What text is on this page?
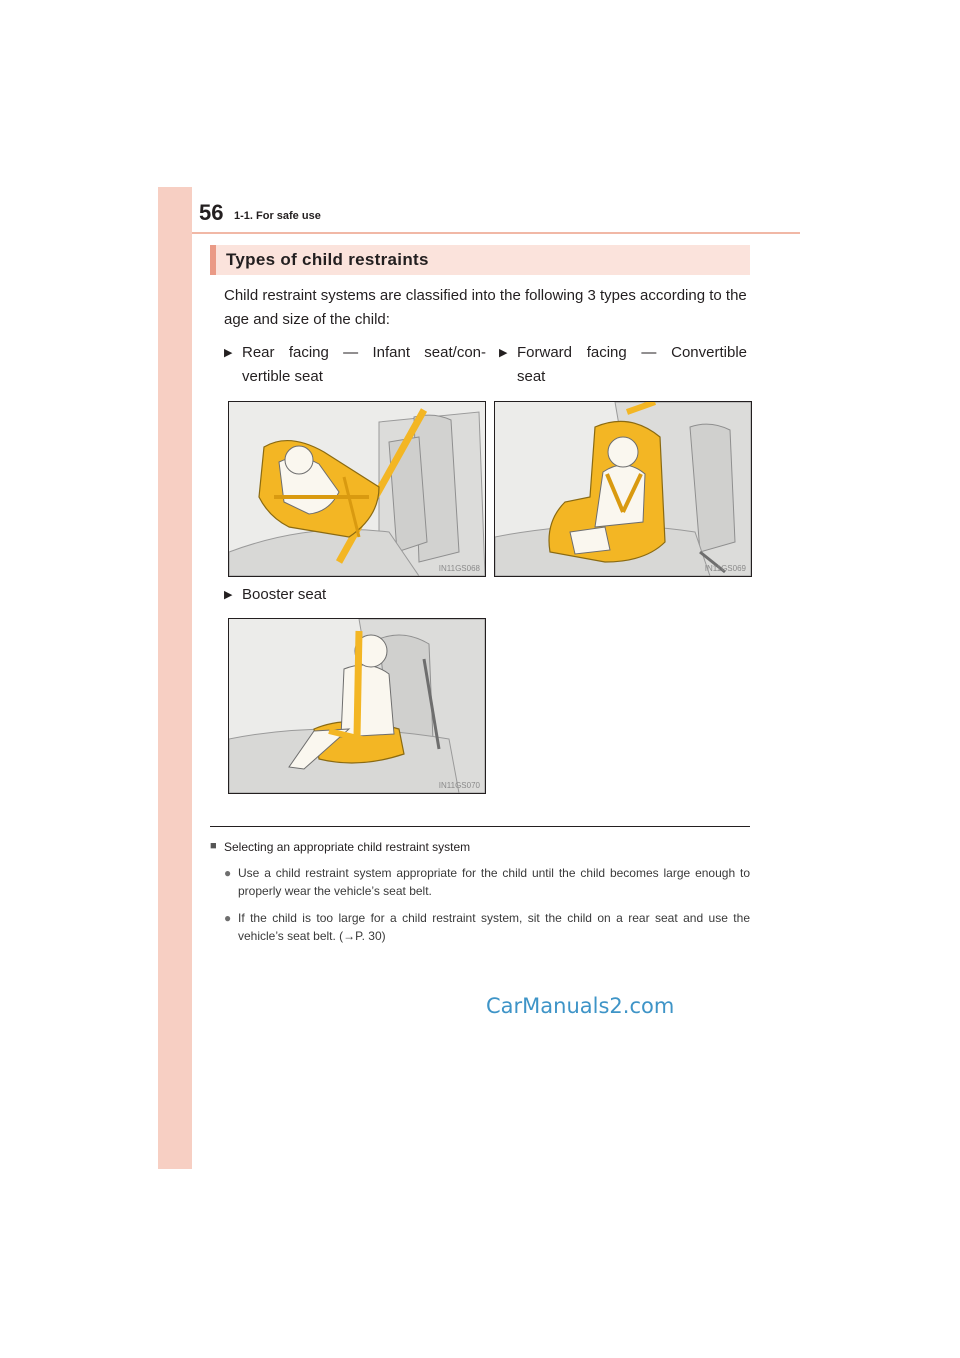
56 1-1. For safe use
Types of child restraints
Child restraint systems are classified into the following 3 types according to the age and size of the child:
▶ Rear facing — Infant seat/con-
vertible seat
▶ Forward facing — Convertible
seat
IN11GS068	IN11GS069
▶ Booster seat
IN11GS070
■ Selecting an appropriate child restraint system
● Use a child restraint system appropriate for the child until the child becomes large enough to properly wear the vehicle’s seat belt.
● If the child is too large for a child restraint system, sit the child on a rear seat and use the vehicle’s seat belt. (→P. 30)
CarManuals2.com
